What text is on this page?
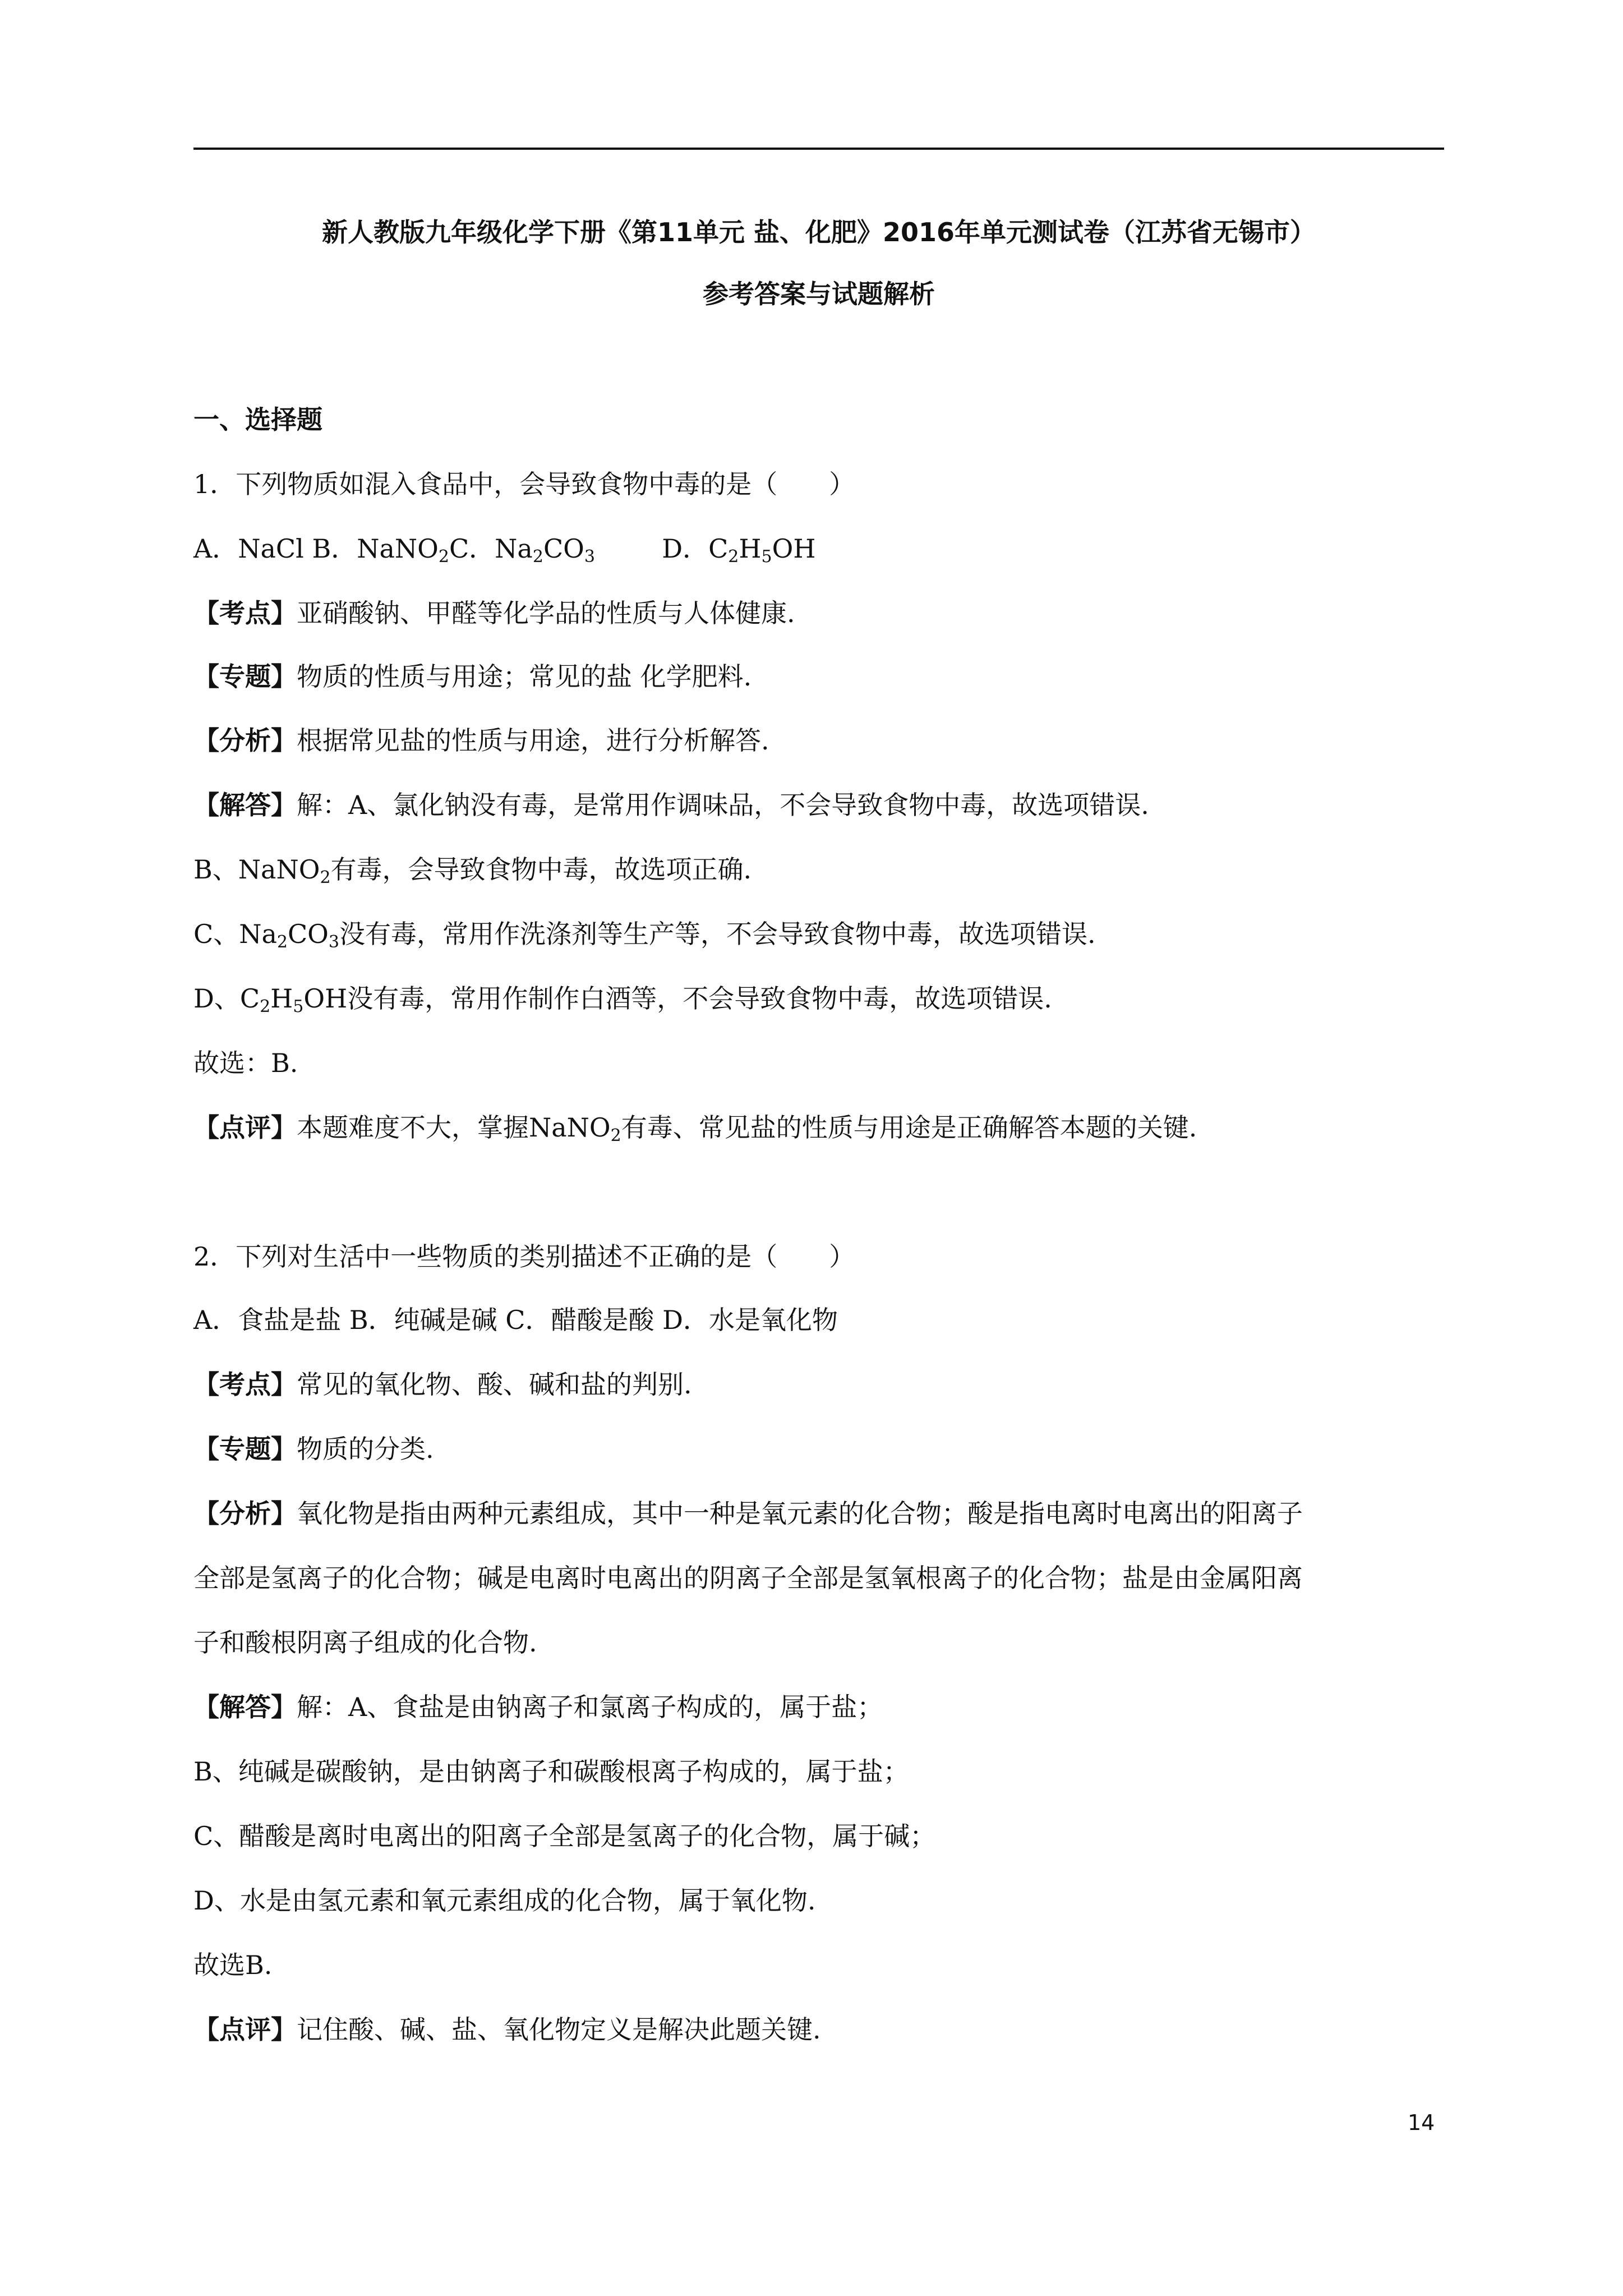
新人教版九年级化学下册《第11单元 盐、化肥》2016年单元测试卷（江苏省无锡市）
参考答案与试题解析
一、选择题
1．下列物质如混入食品中，会导致食物中毒的是（　　）
A．NaCl B．NaNO$_2$C．$Na_2CO_3$	D．$C_2H_5OH$
【考点】亚硝酸钠、甲醛等化学品的性质与人体健康.
【专题】物质的性质与用途；常见的盐 化学肥料.
【分析】根据常见盐的性质与用途，进行分析解答.
【解答】解：A、氯化钠没有毒，是常用作调味品，不会导致食物中毒，故选项错误.
B、NaNO$_2$有毒，会导致食物中毒，故选项正确.
C、$Na_2CO_3$没有毒，常用作洗涤剂等生产等，不会导致食物中毒，故选项错误.
D、$C_2H_5OH$没有毒，常用作制作白酒等，不会导致食物中毒，故选项错误.
故选：B.
【点评】本题难度不大，掌握NaNO$_2$有毒、常见盐的性质与用途是正确解答本题的关键.
2．下列对生活中一些物质的类别描述不正确的是（　　）
A．食盐是盐 B．纯碱是碱 C．醋酸是酸 D．水是氧化物
【考点】常见的氧化物、酸、碱和盐的判别.
【专题】物质的分类.
【分析】氧化物是指由两种元素组成，其中一种是氧元素的化合物；酸是指电离时电离出的阳离子
全部是氢离子的化合物；碱是电离时电离出的阴离子全部是氢氧根离子的化合物；盐是由金属阳离
子和酸根阴离子组成的化合物.
【解答】解：A、食盐是由钠离子和氯离子构成的，属于盐；
B、纯碱是碳酸钠，是由钠离子和碳酸根离子构成的，属于盐；
C、醋酸是离时电离出的阳离子全部是氢离子的化合物，属于碱；
D、水是由氢元素和氧元素组成的化合物，属于氧化物.
故选B.
【点评】记住酸、碱、盐、氧化物定义是解决此题关键.
14
